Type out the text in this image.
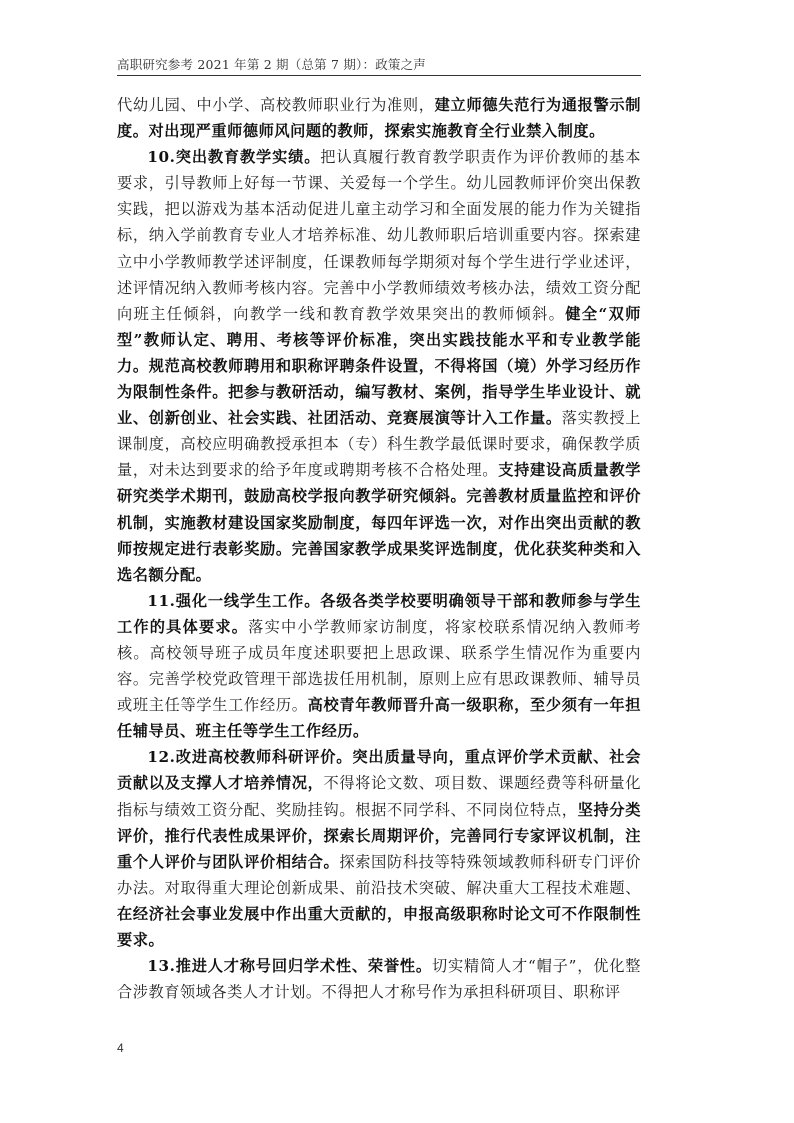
高职研究参考 2021 年第 2 期（总第 7 期）：政策之声

代幼儿园、中小学、高校教师职业行为准则，建立师德失范行为通报警示制度。对出现严重师德师风问题的教师，探索实施教育全行业禁入制度。

10.突出教育教学实绩。把认真履行教育教学职责作为评价教师的基本要求，引导教师上好每一节课、关爱每一个学生。幼儿园教师评价突出保教实践，把以游戏为基本活动促进儿童主动学习和全面发展的能力作为关键指标，纳入学前教育专业人才培养标准、幼儿教师职后培训重要内容。探索建立中小学教师教学述评制度，任课教师每学期须对每个学生进行学业述评，述评情况纳入教师考核内容。完善中小学教师绩效考核办法，绩效工资分配向班主任倾斜，向教学一线和教育教学效果突出的教师倾斜。健全“双师型”教师认定、聘用、考核等评价标准，突出实践技能水平和专业教学能力。规范高校教师聘用和职称评聘条件设置，不得将国（境）外学习经历作为限制性条件。把参与教研活动，编写教材、案例，指导学生毕业设计、就业、创新创业、社会实践、社团活动、竞赛展演等计入工作量。落实教授上课制度，高校应明确教授承担本（专）科生教学最低课时要求，确保教学质量，对未达到要求的给予年度或聘期考核不合格处理。支持建设高质量教学研究类学术期刊，鼓励高校学报向教学研究倾斜。完善教材质量监控和评价机制，实施教材建设国家奖励制度，每四年评选一次，对作出突出贡献的教师按规定进行表彰奖励。完善国家教学成果奖评选制度，优化获奖种类和入选名额分配。

11.强化一线学生工作。各级各类学校要明确领导干部和教师参与学生工作的具体要求。落实中小学教师家访制度，将家校联系情况纳入教师考核。高校领导班子成员年度述职要把上思政课、联系学生情况作为重要内容。完善学校党政管理干部选拔任用机制，原则上应有思政课教师、辅导员或班主任等学生工作经历。高校青年教师晋升高一级职称，至少须有一年担任辅导员、班主任等学生工作经历。

12.改进高校教师科研评价。突出质量导向，重点评价学术贡献、社会贡献以及支撑人才培养情况，不得将论文数、项目数、课题经费等科研量化指标与绩效工资分配、奖励挂钩。根据不同学科、不同岗位特点，坚持分类评价，推行代表性成果评价，探索长周期评价，完善同行专家评议机制，注重个人评价与团队评价相结合。探索国防科技等特殊领域教师科研专门评价办法。对取得重大理论创新成果、前沿技术突破、解决重大工程技术难题、在经济社会事业发展中作出重大贡献的，申报高级职称时论文可不作限制性要求。

13.推进人才称号回归学术性、荣誉性。切实精简人才“帽子”，优化整合涉教育领域各类人才计划。不得把人才称号作为承担科研项目、职称评

4
